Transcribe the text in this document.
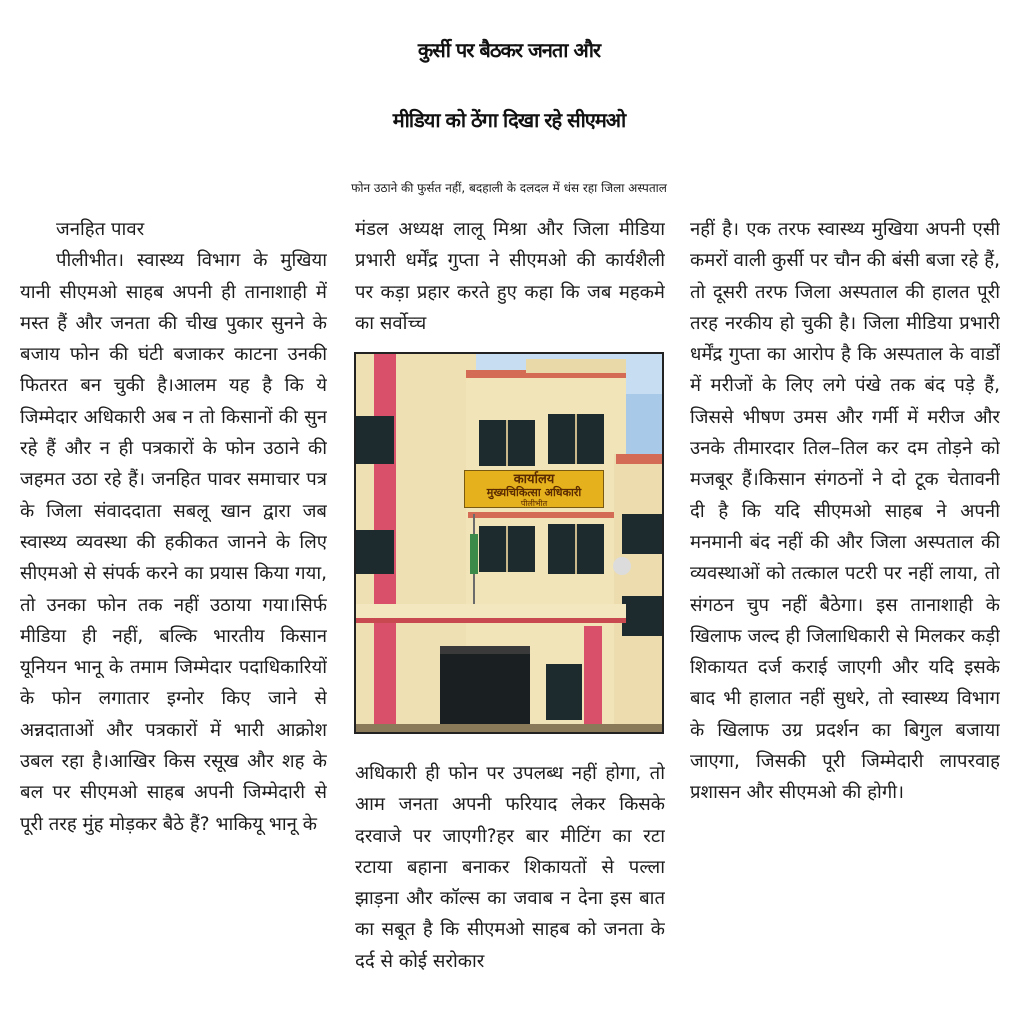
कुर्सी पर बैठकर जनता और
मीडिया को ठेंगा दिखा रहे सीएमओ
फोन उठाने की फुर्सत नहीं, बदहाली के दलदल में धंस रहा जिला अस्पताल

जनहित पावर

पीलीभीत। स्वास्थ्य विभाग के मुखिया यानी सीएमओ साहब अपनी ही तानाशाही में मस्त हैं और जनता की चीख पुकार सुनने के बजाय फोन की घंटी बजाकर काटना उनकी फितरत बन चुकी है।आलम यह है कि ये जिम्मेदार अधिकारी अब न तो किसानों की सुन रहे हैं और न ही पत्रकारों के फोन उठाने की जहमत उठा रहे हैं। जनहित पावर समाचार पत्र के जिला संवाददाता सबलू खान द्वारा जब स्वास्थ्य व्यवस्था की हकीकत जानने के लिए सीएमओ से संपर्क करने का प्रयास किया गया, तो उनका फोन तक नहीं उठाया गया।सिर्फ मीडिया ही नहीं, बल्कि भारतीय किसान यूनियन भानू के तमाम जिम्मेदार पदाधिकारियों के फोन लगातार इग्नोर किए जाने से अन्नदाताओं और पत्रकारों में भारी आक्रोश उबल रहा है।आखिर किस रसूख और शह के बल पर सीएमओ साहब अपनी जिम्मेदारी से पूरी तरह मुंह मोड़कर बैठे हैं? भाकियू भानू के

मंडल अध्यक्ष लालू मिश्रा और जिला मीडिया प्रभारी धर्मेंद्र गुप्ता ने सीएमओ की कार्यशैली पर कड़ा प्रहार करते हुए कहा कि जब महकमे का सर्वोच्च

कार्यालय
मुख्यचिकित्सा अधिकारी
पीलीभीत

अधिकारी ही फोन पर उपलब्ध नहीं होगा, तो आम जनता अपनी फरियाद लेकर किसके दरवाजे पर जाएगी?हर बार मीटिंग का रटा रटाया बहाना बनाकर शिकायतों से पल्ला झाड़ना और कॉल्स का जवाब न देना इस बात का सबूत है कि सीएमओ साहब को जनता के दर्द से कोई सरोकार

नहीं है। एक तरफ स्वास्थ्य मुखिया अपनी एसी कमरों वाली कुर्सी पर चौन की बंसी बजा रहे हैं, तो दूसरी तरफ जिला अस्पताल की हालत पूरी तरह नरकीय हो चुकी है। जिला मीडिया प्रभारी धर्मेंद्र गुप्ता का आरोप है कि अस्पताल के वार्डों में मरीजों के लिए लगे पंखे तक बंद पड़े हैं, जिससे भीषण उमस और गर्मी में मरीज और उनके तीमारदार तिल–तिल कर दम तोड़ने को मजबूर हैं।किसान संगठनों ने दो टूक चेतावनी दी है कि यदि सीएमओ साहब ने अपनी मनमानी बंद नहीं की और जिला अस्पताल की व्यवस्थाओं को तत्काल पटरी पर नहीं लाया, तो संगठन चुप नहीं बैठेगा। इस तानाशाही के खिलाफ जल्द ही जिलाधिकारी से मिलकर कड़ी शिकायत दर्ज कराई जाएगी और यदि इसके बाद भी हालात नहीं सुधरे, तो स्वास्थ्य विभाग के खिलाफ उग्र प्रदर्शन का बिगुल बजाया जाएगा, जिसकी पूरी जिम्मेदारी लापरवाह प्रशासन और सीएमओ की होगी।
